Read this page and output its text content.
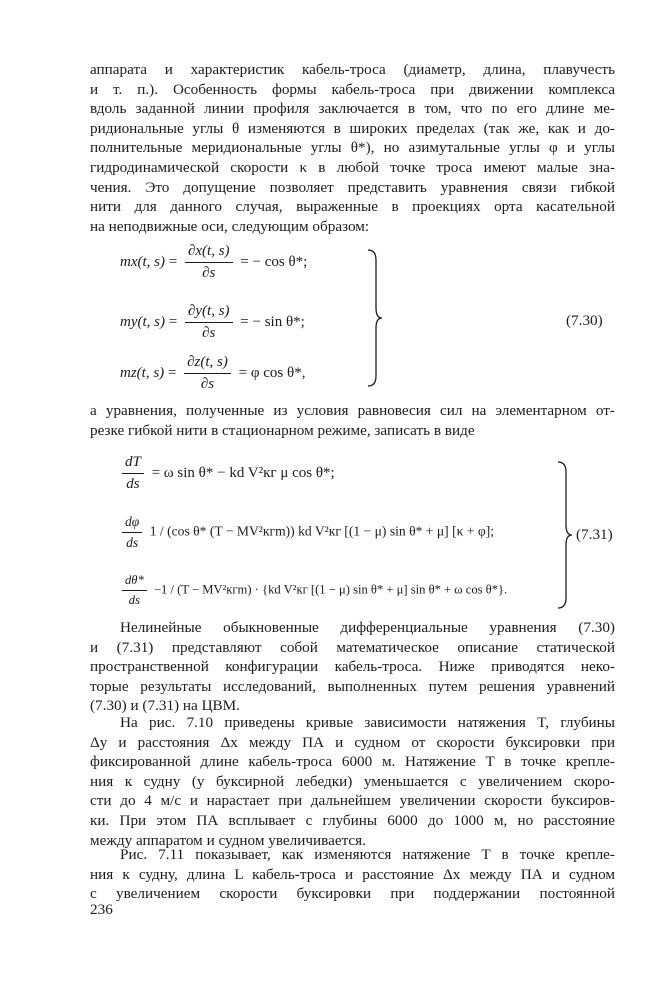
аппарата и характеристик кабель-троса (диаметр, длина, плавучесть
и т. п.). Особенность формы кабель-троса при движении комплекса
вдоль заданной линии профиля заключается в том, что по его длине ме-
ридиональные углы θ изменяются в широких пределах (так же, как и до-
полнительные меридиональные углы θ*), но азимутальные углы φ и углы
гидродинамической скорости κ в любой точке троса имеют малые зна-
чения. Это допущение позволяет представить уравнения связи гибкой
нити для данного случая, выраженные в проекциях орта касательной
на неподвижные оси, следующим образом:
mx(t, $s) = \frac{\partial x(t, s)}{\partial s}$ = − cos θ*;
my(t, $s) = \frac{\partial y(t, s)}{\partial s}$ = − sin θ*;
mz(t, $s) = \frac{\partial z(t, s)}{\partial s} = \varphi$ cos θ*,
(7.30)
а уравнения, полученные из условия равновесия сил на элементарном от-
резке гибкой нити в стационарном режиме, записать в виде
$\frac{dT}{ds} = \omega$ sin θ* − kd V²кг μ cos θ*;
$\frac{d\varphi}{ds} 1 / (\cos$ θ* (T − MV²кгm)) kd V²кг [(1 − μ) sin θ* + μ] [κ + φ];
$\frac{d\theta*}{ds} -1 / (T - MV^2кгm) \cdot \{kd$ V²кг [(1 − μ) sin θ* + μ] sin θ* + ω cos θ*}.
(7.31)
Нелинейные обыкновенные дифференциальные уравнения (7.30)
и (7.31) представляют собой математическое описание статической
пространственной конфигурации кабель-троса. Ниже приводятся неко-
торые результаты исследований, выполненных путем решения уравнений
(7.30) и (7.31) на ЦВМ.
На рис. 7.10 приведены кривые зависимости натяжения T, глубины
Δy и расстояния Δx между ПА и судном от скорости буксировки при
фиксированной длине кабель-троса 6000 м. Натяжение T в точке крепле-
ния к судну (у буксирной лебедки) уменьшается с увеличением скоро-
сти до 4 м/с и нарастает при дальнейшем увеличении скорости буксиров-
ки. При этом ПА всплывает с глубины 6000 до 1000 м, но расстояние
между аппаратом и судном увеличивается.
Рис. 7.11 показывает, как изменяются натяжение T в точке крепле-
ния к судну, длина L кабель-троса и расстояние Δx между ПА и судном
с увеличением скорости буксировки при поддержании постоянной
236
